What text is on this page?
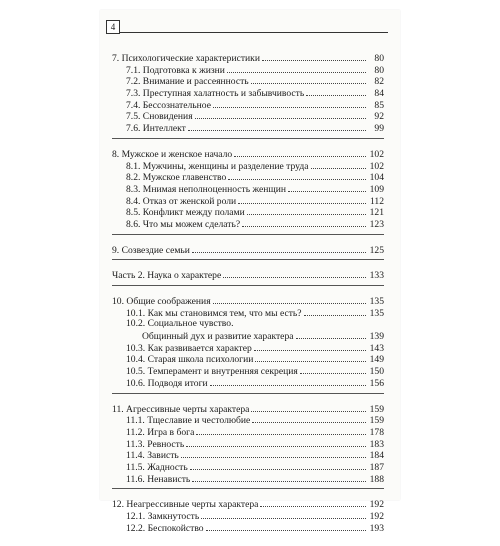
4
7. Психологические характеристики	80
7.1. Подготовка к жизни	80
7.2. Внимание и рассеянность	82
7.3. Преступная халатность и забывчивость	84
7.4. Бессознательное	85
7.5. Сновидения	92
7.6. Интеллект	99
8. Мужское и женское начало	102
8.1. Мужчины, женщины и разделение труда	102
8.2. Мужское главенство	104
8.3. Мнимая неполноценность женщин	109
8.4. Отказ от женской роли	112
8.5. Конфликт между полами	121
8.6. Что мы можем сделать?	123
9. Созвездие семьи	125
Часть 2. Наука о характере	133
10. Общие соображения	135
10.1. Как мы становимся тем, что мы есть?	135
10.2. Социальное чувство.
Общинный дух и развитие характера	139
10.3. Как развивается характер	143
10.4. Старая школа психологии	149
10.5. Темперамент и внутренняя секреция	150
10.6. Подводя итоги	156
11. Агрессивные черты характера	159
11.1. Тщеславие и честолюбие	159
11.2. Игра в бога	178
11.3. Ревность	183
11.4. Зависть	184
11.5. Жадность	187
11.6. Ненависть	188
12. Неагрессивные черты характера	192
12.1. Замкнутость	192
12.2. Беспокойство	193
